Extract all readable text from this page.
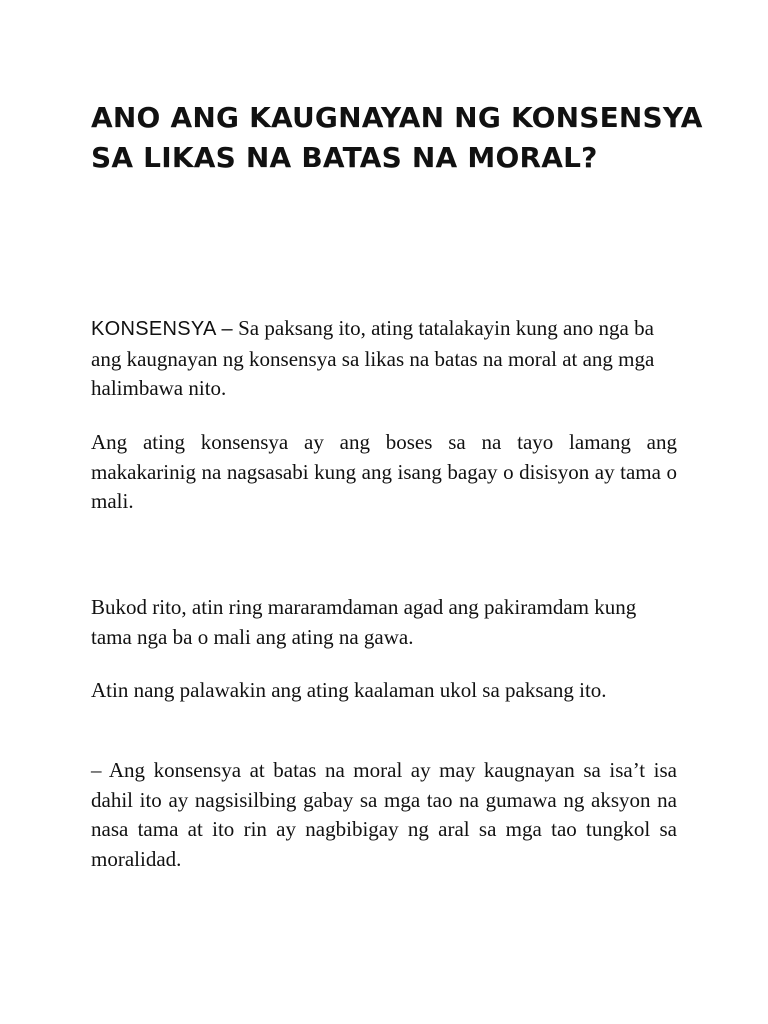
ANO ANG KAUGNAYAN NG KONSENSYA SA LIKAS NA BATAS NA MORAL?

KONSENSYA – Sa paksang ito, ating tatalakayin kung ano nga ba ang kaugnayan ng konsensya sa likas na batas na moral at ang mga halimbawa nito.

Ang ating konsensya ay ang boses sa na tayo lamang ang makakarinig na nagsasabi kung ang isang bagay o disisyon ay tama o mali.

Bukod rito, atin ring mararamdaman agad ang pakiramdam kung tama nga ba o mali ang ating na gawa.

Atin nang palawakin ang ating kaalaman ukol sa paksang ito.

– Ang konsensya at batas na moral ay may kaugnayan sa isa’t isa dahil ito ay nagsisilbing gabay sa mga tao na gumawa ng aksyon na nasa tama at ito rin ay nagbibigay ng aral sa mga tao tungkol sa moralidad.
